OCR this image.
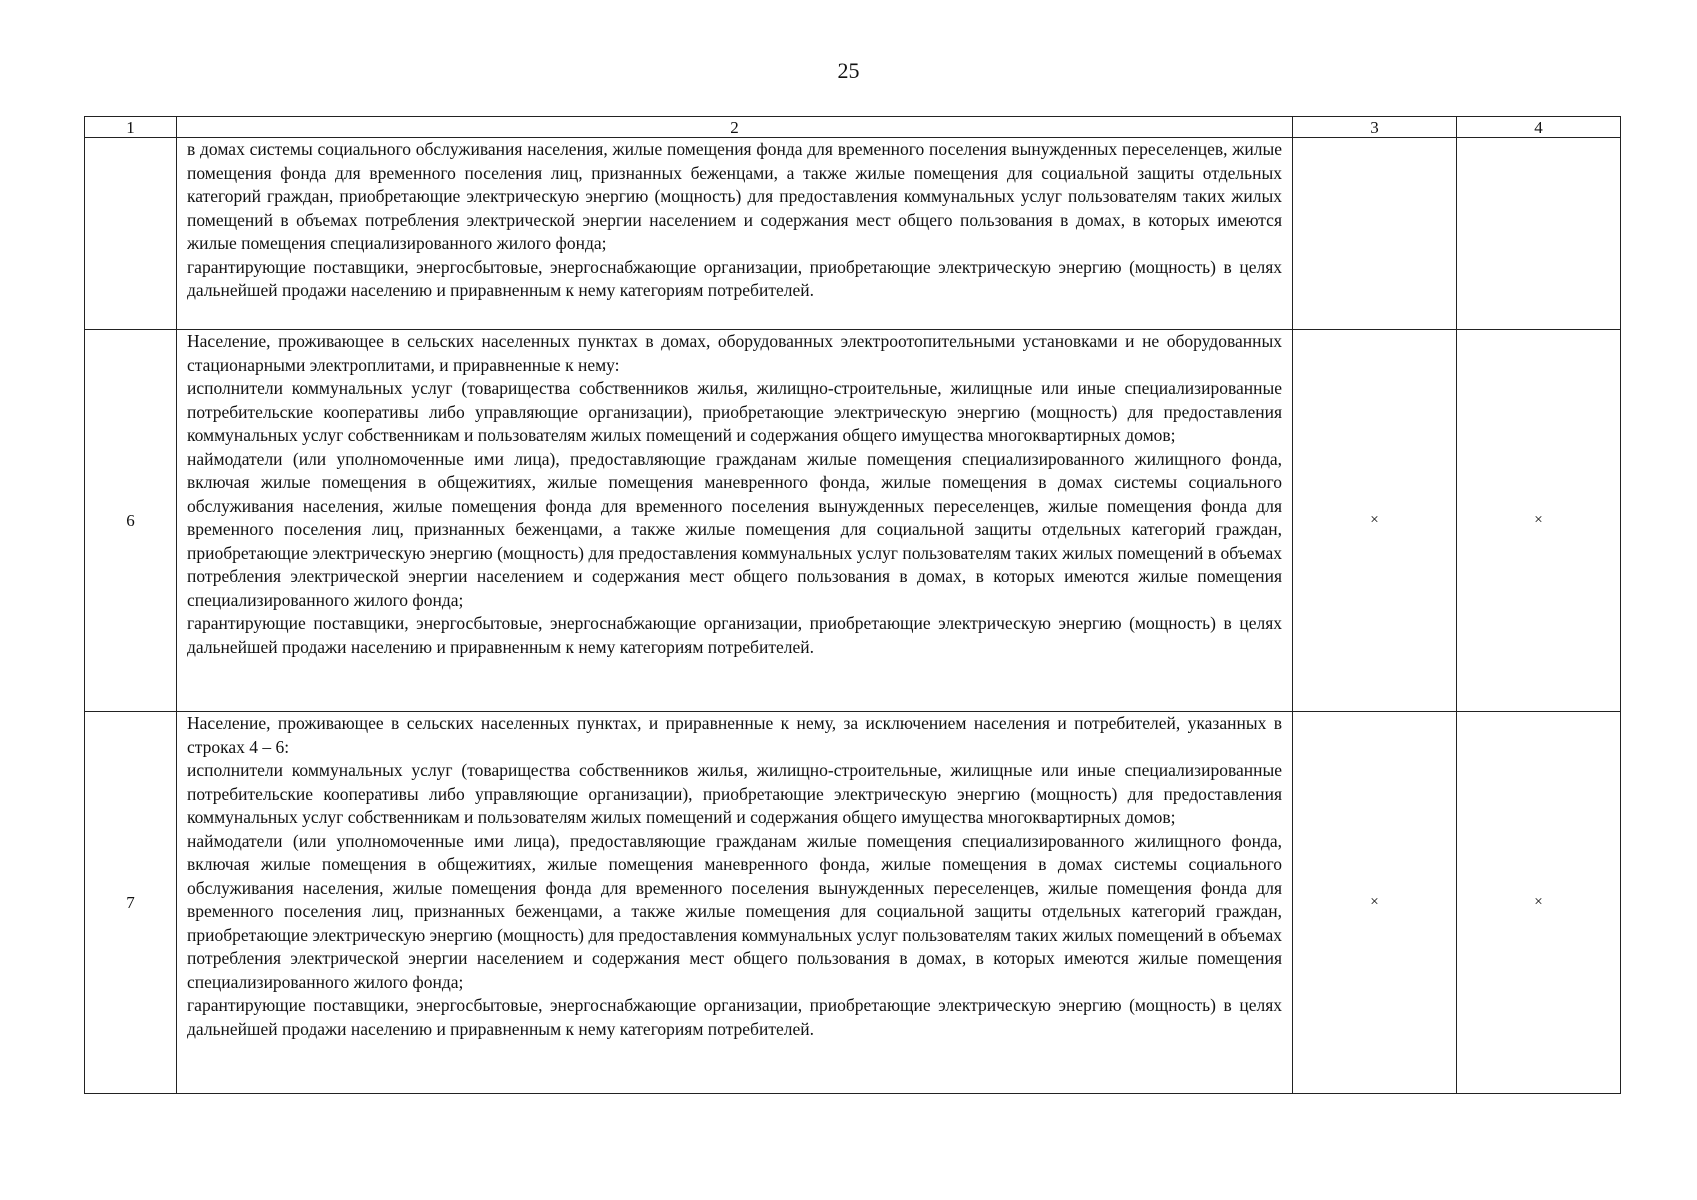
25
1	2	3	4

	в домах системы социального обслуживания населения, жилые помещения фонда для временного поселения вынужденных переселенцев, жилые помещения фонда для временного поселения лиц, признанных беженцами, а также жилые помещения для социальной защиты отдельных категорий граждан, приобретающие электрическую энергию (мощность) для предоставления коммунальных услуг пользователям таких жилых помещений в объемах потребления электрической энергии населением и содержания мест общего пользования в домах, в которых имеются жилые помещения специализированного жилого фонда;

гарантирующие поставщики, энергосбытовые, энергоснабжающие организации, приобретающие электрическую энергию (мощность) в целях дальнейшей продажи населению и приравненным к нему категориям потребителей.		

6	Население, проживающее в сельских населенных пунктах в домах, оборудованных электроотопительными установками и не оборудованных стационарными электроплитами, и приравненные к нему:

исполнители коммунальных услуг (товарищества собственников жилья, жилищно-строительные, жилищные или иные специализированные потребительские кооперативы либо управляющие организации), приобретающие электрическую энергию (мощность) для предоставления коммунальных услуг собственникам и пользователям жилых помещений и содержания общего имущества многоквартирных домов;

наймодатели (или уполномоченные ими лица), предоставляющие гражданам жилые помещения специализированного жилищного фонда, включая жилые помещения в общежитиях, жилые помещения маневренного фонда, жилые помещения в домах системы социального обслуживания населения, жилые помещения фонда для временного поселения вынужденных переселенцев, жилые помещения фонда для временного поселения лиц, признанных беженцами, а также жилые помещения для социальной защиты отдельных категорий граждан, приобретающие электрическую энергию (мощность) для предоставления коммунальных услуг пользователям таких жилых помещений в объемах потребления электрической энергии населением и содержания мест общего пользования в домах, в которых имеются жилые помещения специализированного жилого фонда;

гарантирующие поставщики, энергосбытовые, энергоснабжающие организации, приобретающие электрическую энергию (мощность) в целях дальнейшей продажи населению и приравненным к нему категориям потребителей.	×	×
7	Население, проживающее в сельских населенных пунктах, и приравненные к нему, за исключением населения и потребителей, указанных в строках 4 – 6:

исполнители коммунальных услуг (товарищества собственников жилья, жилищно-строительные, жилищные или иные специализированные потребительские кооперативы либо управляющие организации), приобретающие электрическую энергию (мощность) для предоставления коммунальных услуг собственникам и пользователям жилых помещений и содержания общего имущества многоквартирных домов;

наймодатели (или уполномоченные ими лица), предоставляющие гражданам жилые помещения специализированного жилищного фонда, включая жилые помещения в общежитиях, жилые помещения маневренного фонда, жилые помещения в домах системы социального обслуживания населения, жилые помещения фонда для временного поселения вынужденных переселенцев, жилые помещения фонда для временного поселения лиц, признанных беженцами, а также жилые помещения для социальной защиты отдельных категорий граждан, приобретающие электрическую энергию (мощность) для предоставления коммунальных услуг пользователям таких жилых помещений в объемах потребления электрической энергии населением и содержания мест общего пользования в домах, в которых имеются жилые помещения специализированного жилого фонда;

гарантирующие поставщики, энергосбытовые, энергоснабжающие организации, приобретающие электрическую энергию (мощность) в целях дальнейшей продажи населению и приравненным к нему категориям потребителей.	×	×
